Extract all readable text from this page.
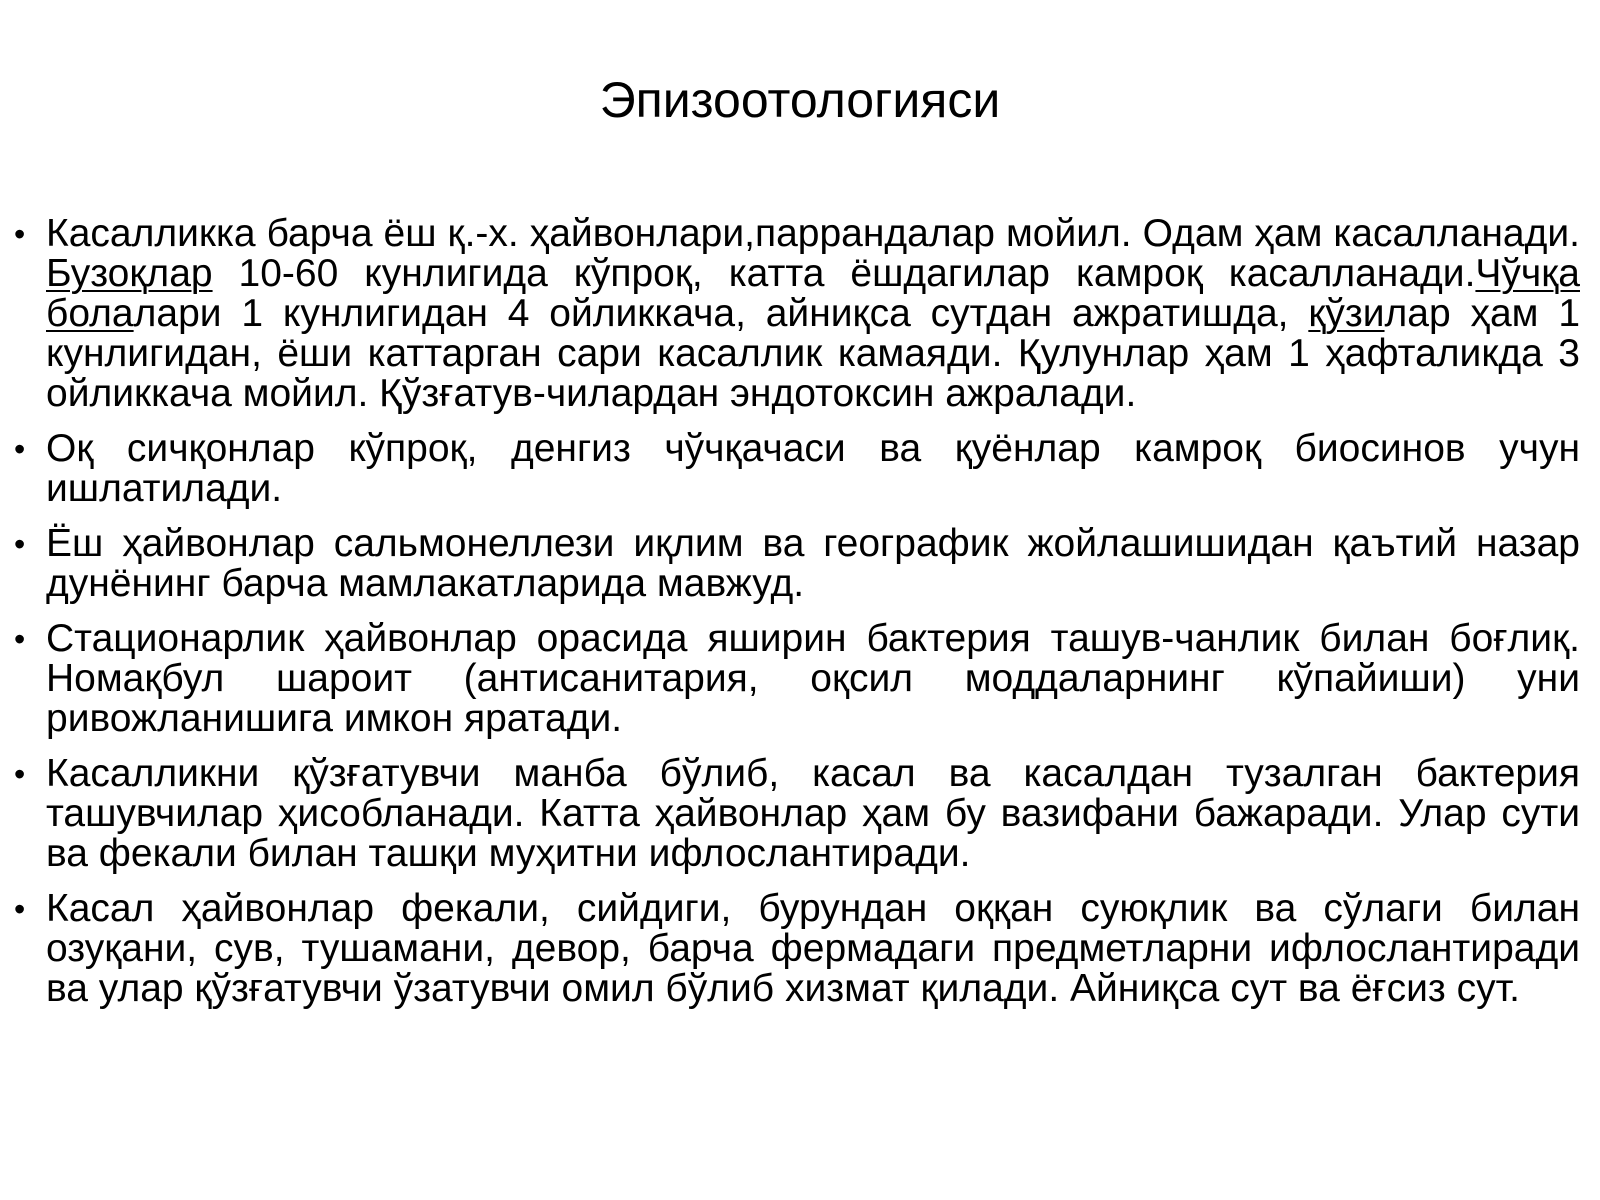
Эпизоотологияси
• Касалликка барча ёш қ.-х. ҳайвонлари,паррандалар мойил. Одам ҳам касалланади. Бузоқлар 10-60 кунлигида кўпроқ, катта ёшдагилар камроқ касалланади.Чўчқа болалари 1 кунлигидан 4 ойликкача, айниқса сутдан ажратишда, қўзилар ҳам 1 кунлигидан, ёши каттарган сари касаллик камаяди. Қулунлар ҳам 1 ҳафталикда 3 ойликкача мойил. Қўзғатув-чилардан эндотоксин ажралади.
• Оқ сичқонлар кўпроқ, денгиз чўчқачаси ва қуёнлар камроқ биосинов учун ишлатилади.
• Ёш ҳайвонлар сальмонеллези иқлим ва географик жойлашишидан қаътий назар дунёнинг барча мамлакатларида мавжуд.
• Стационарлик ҳайвонлар орасида яширин бактерия ташув-чанлик билан боғлиқ. Номақбул шароит (антисанитария, оқсил моддаларнинг кўпайиши) уни ривожланишига имкон яратади.
• Касалликни қўзғатувчи манба бўлиб, касал ва касалдан тузалган бактерия ташувчилар ҳисобланади. Катта ҳайвонлар ҳам бу вазифани бажаради. Улар сути ва фекали билан ташқи муҳитни ифлослантиради.
• Касал ҳайвонлар фекали, сийдиги, бурундан оққан суюқлик ва сўлаги билан озуқани, сув, тушамани, девор, барча фермадаги предметларни ифлослантиради ва улар қўзғатувчи ўзатувчи омил бўлиб хизмат қилади. Айниқса сут ва ёғсиз сут.
